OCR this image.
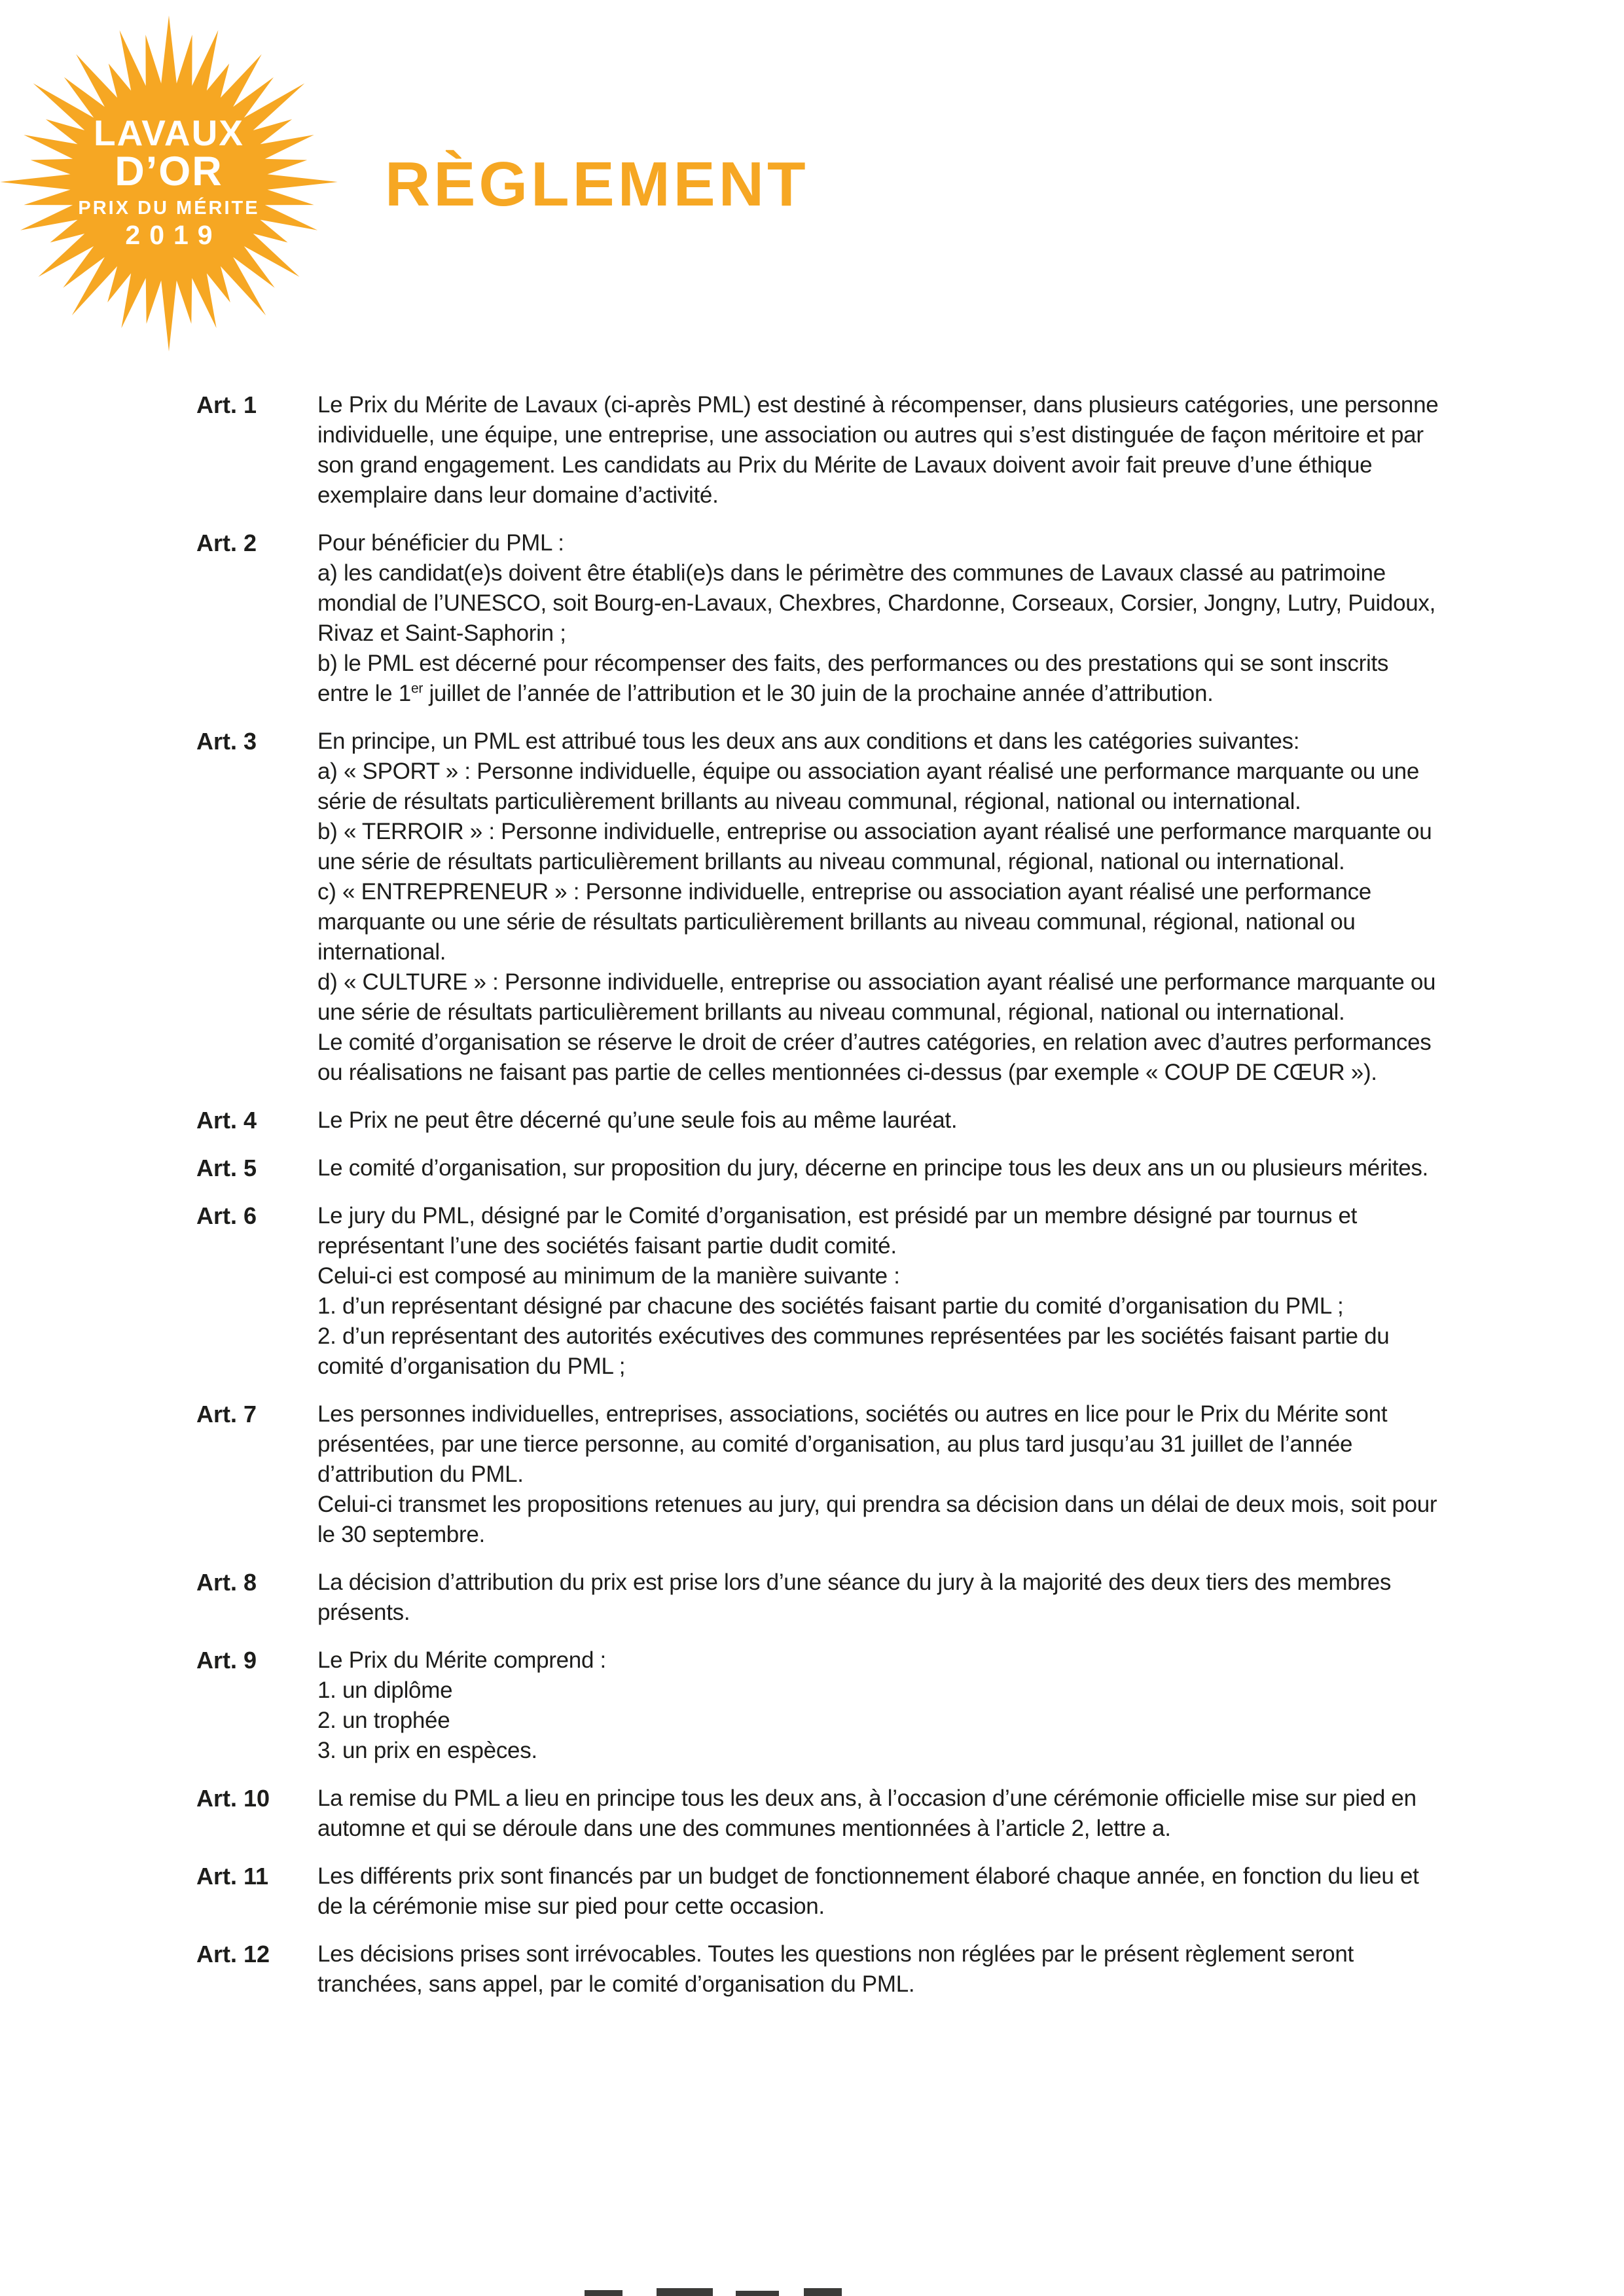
LAVAUX
D’OR
PRIX DU MÉRITE
2019
RÈGLEMENT
Art. 1	Le Prix du Mérite de Lavaux (ci-après PML) est destiné à récompenser, dans plusieurs catégories, une personne individuelle, une équipe, une entreprise, une association ou autres qui s’est distinguée de façon méritoire et par son grand engagement. Les candidats au Prix du Mérite de Lavaux doivent avoir fait preuve d’une éthique exemplaire dans leur domaine d’activité.
Art. 2	Pour bénéficier du PML :
a) les candidat(e)s doivent être établi(e)s dans le périmètre des communes de Lavaux classé au patrimoine mondial de l’UNESCO, soit Bourg-en-Lavaux, Chexbres, Chardonne, Corseaux, Corsier, Jongny, Lutry, Puidoux, Rivaz et Saint-Saphorin ;
b) le PML est décerné pour récompenser des faits, des performances ou des prestations qui se sont inscrits entre le 1er juillet de l’année de l’attribution et le 30 juin de la prochaine année d’attribution.
Art. 3	En principe, un PML est attribué tous les deux ans aux conditions et dans les catégories suivantes:
a) « SPORT » : Personne individuelle, équipe ou association ayant réalisé une performance marquante ou une série de résultats particulièrement brillants au niveau communal, régional, national ou international.
b) « TERROIR » : Personne individuelle, entreprise ou association ayant réalisé une performance marquante ou une série de résultats particulièrement brillants au niveau communal, régional, national ou international.
c) « ENTREPRENEUR » : Personne individuelle, entreprise ou association ayant réalisé une performance marquante ou une série de résultats particulièrement brillants au niveau communal, régional, national ou international.
d) « CULTURE » : Personne individuelle, entreprise ou association ayant réalisé une performance marquante ou une série de résultats particulièrement brillants au niveau communal, régional, national ou international.
Le comité d’organisation se réserve le droit de créer d’autres catégories, en relation avec d’autres performances ou réalisations ne faisant pas partie de celles mentionnées ci-dessus (par exemple « COUP DE CŒUR »).
Art. 4	Le Prix ne peut être décerné qu’une seule fois au même lauréat.
Art. 5	Le comité d’organisation, sur proposition du jury, décerne en principe tous les deux ans un ou plusieurs mérites.
Art. 6	Le jury du PML, désigné par le Comité d’organisation, est présidé par un membre désigné par tournus et représentant l’une des sociétés faisant partie dudit comité.
Celui-ci est composé au minimum de la manière suivante :
1. d’un représentant désigné par chacune des sociétés faisant partie du comité d’organisation du PML ;
2. d’un représentant des autorités exécutives des communes représentées par les sociétés faisant partie du comité d’organisation du PML ;
Art. 7	Les personnes individuelles, entreprises, associations, sociétés ou autres en lice pour le Prix du Mérite sont présentées, par une tierce personne, au comité d’organisation, au plus tard jusqu’au 31 juillet de l’année d’attribution du PML.
Celui-ci transmet les propositions retenues au jury, qui prendra sa décision dans un délai de deux mois, soit pour le 30 septembre.
Art. 8	La décision d’attribution du prix est prise lors d’une séance du jury à la majorité des deux tiers des membres présents.
Art. 9	Le Prix du Mérite comprend :
1. un diplôme
2. un trophée
3. un prix en espèces.
Art. 10	La remise du PML a lieu en principe tous les deux ans, à l’occasion d’une cérémonie officielle mise sur pied en automne et qui se déroule dans une des communes mentionnées à l’article 2, lettre a.
Art. 11	Les différents prix sont financés par un budget de fonctionnement élaboré chaque année, en fonction du lieu et de la cérémonie mise sur pied pour cette occasion.
Art. 12	Les décisions prises sont irrévocables. Toutes les questions non réglées par le présent règlement seront tranchées, sans appel, par le comité d’organisation du PML.
